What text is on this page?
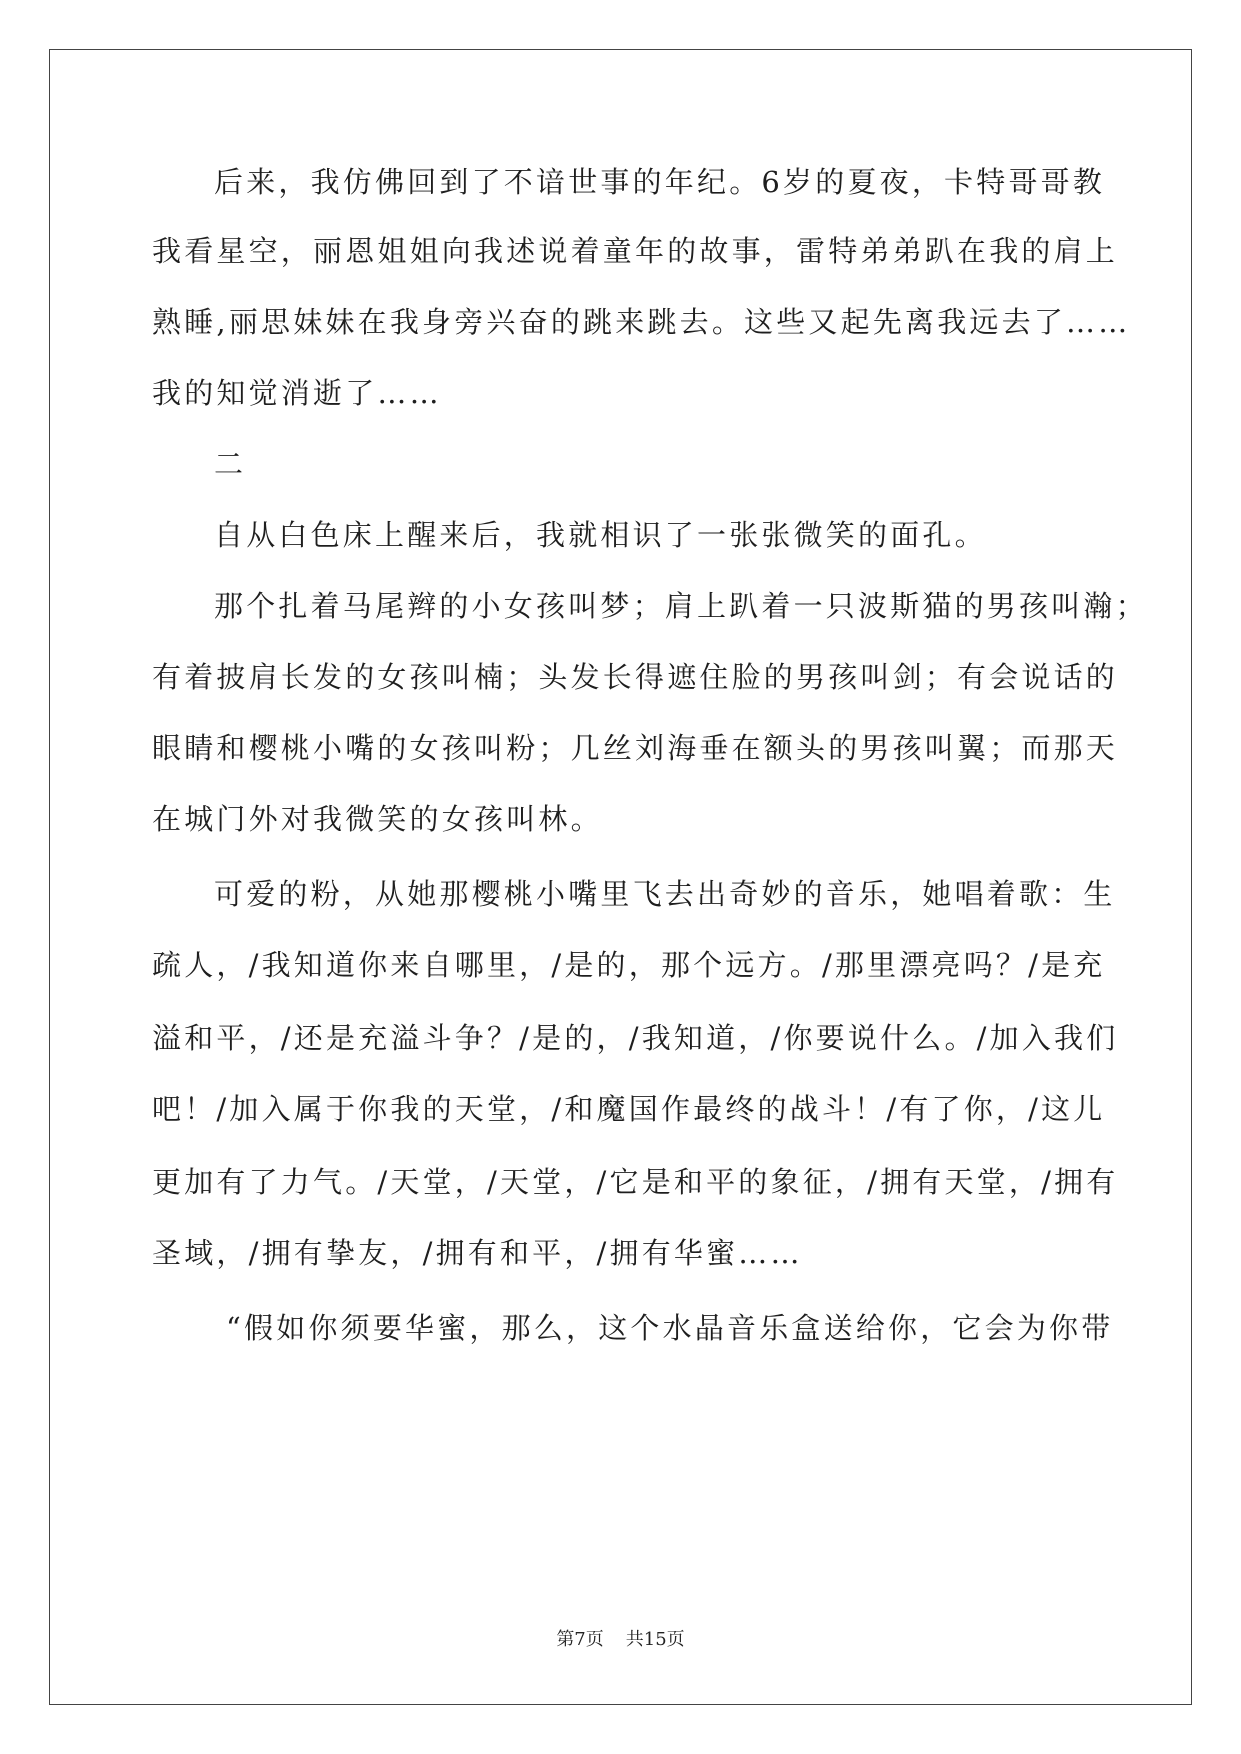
后来，我仿佛回到了不谙世事的年纪。6岁的夏夜，卡特哥哥教
我看星空，丽恩姐姐向我述说着童年的故事，雷特弟弟趴在我的肩上
熟睡,丽思妹妹在我身旁兴奋的跳来跳去。这些又起先离我远去了……
我的知觉消逝了……
二
自从白色床上醒来后，我就相识了一张张微笑的面孔。
那个扎着马尾辫的小女孩叫梦；肩上趴着一只波斯猫的男孩叫瀚；
有着披肩长发的女孩叫楠；头发长得遮住脸的男孩叫剑；有会说话的
眼睛和樱桃小嘴的女孩叫粉；几丝刘海垂在额头的男孩叫翼；而那天
在城门外对我微笑的女孩叫林。
可爱的粉，从她那樱桃小嘴里飞去出奇妙的音乐，她唱着歌：生
疏人，/我知道你来自哪里，/是的，那个远方。/那里漂亮吗？/是充
溢和平，/还是充溢斗争？/是的，/我知道，/你要说什么。/加入我们
吧！/加入属于你我的天堂，/和魔国作最终的战斗！/有了你，/这儿
更加有了力气。/天堂，/天堂，/它是和平的象征，/拥有天堂，/拥有
圣域，/拥有挚友，/拥有和平，/拥有华蜜……
“假如你须要华蜜，那么，这个水晶音乐盒送给你，它会为你带
第7页 共15页
